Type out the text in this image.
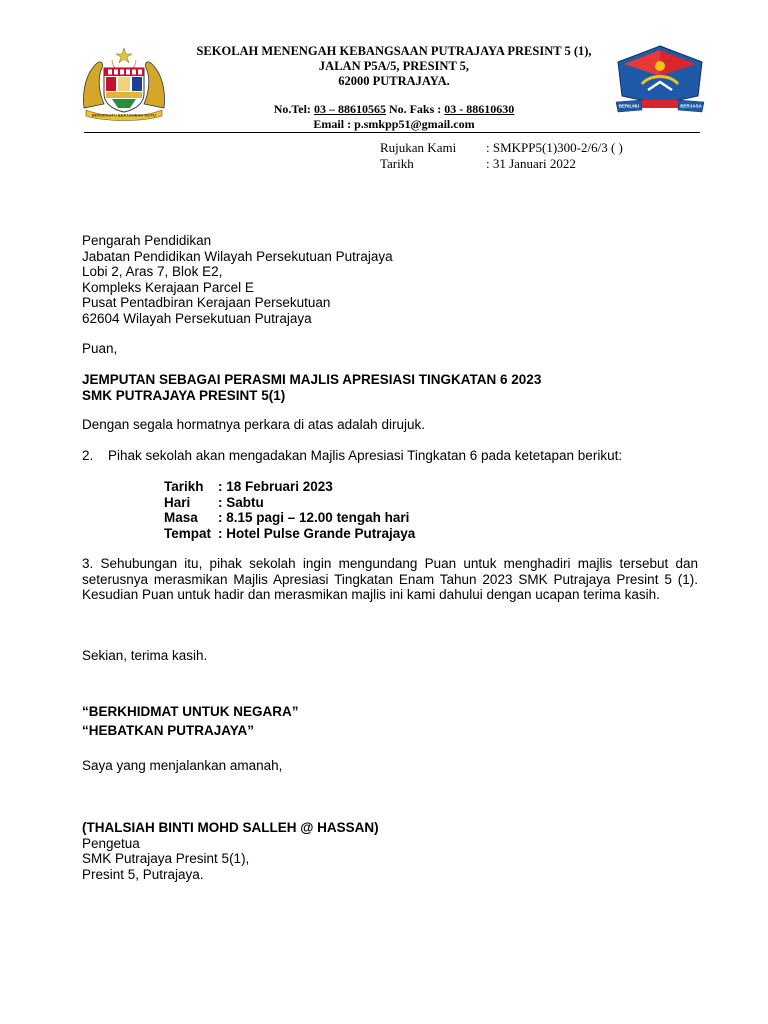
BERSEKUTU BERTAMBAH MUTU
BERILMU	BERJASA
SEKOLAH MENENGAH KEBANGSAAN PUTRAJAYA PRESINT 5 (1),
JALAN P5A/5, PRESINT 5,
62000 PUTRAJAYA.
No.Tel: 03 – 88610565 No. Faks : 03 - 88610630
Email : p.smkpp51@gmail.com
Rujukan Kami : SMKPP5(1)300-2/6/3 ( )
Tarikh	: 31 Januari 2022
Pengarah Pendidikan
Jabatan Pendidikan Wilayah Persekutuan Putrajaya
Lobi 2, Aras 7, Blok E2,
Kompleks Kerajaan Parcel E
Pusat Pentadbiran Kerajaan Persekutuan
62604 Wilayah Persekutuan Putrajaya
Puan,
JEMPUTAN SEBAGAI PERASMI MAJLIS APRESIASI TINGKATAN 6 2023
SMK PUTRAJAYA PRESINT 5(1)
Dengan segala hormatnya perkara di atas adalah dirujuk.
2. Pihak sekolah akan mengadakan Majlis Apresiasi Tingkatan 6 pada ketetapan berikut:
Tarikh : 18 Februari 2023
Hari : Sabtu
Masa : 8.15 pagi – 12.00 tengah hari
Tempat : Hotel Pulse Grande Putrajaya
3. Sehubungan itu, pihak sekolah ingin mengundang Puan untuk menghadiri majlis tersebut dan seterusnya merasmikan Majlis Apresiasi Tingkatan Enam Tahun 2023 SMK Putrajaya Presint 5 (1). Kesudian Puan untuk hadir dan merasmikan majlis ini kami dahului dengan ucapan terima kasih.
Sekian, terima kasih.
“BERKHIDMAT UNTUK NEGARA”
“HEBATKAN PUTRAJAYA”
Saya yang menjalankan amanah,
(THALSIAH BINTI MOHD SALLEH @ HASSAN)
Pengetua
SMK Putrajaya Presint 5(1),
Presint 5, Putrajaya.
